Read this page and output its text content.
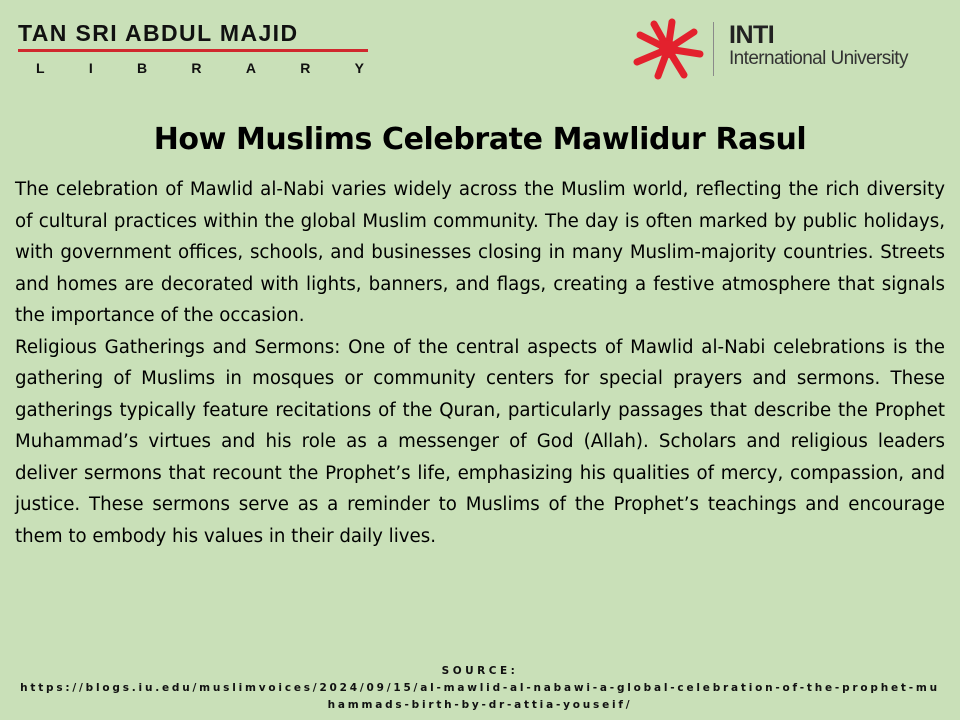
TAN SRI ABDUL MAJID
L	I	B	R	A	R	Y
INTI
International University
How Muslims Celebrate Mawlidur Rasul

The celebration of Mawlid al-Nabi varies widely across the Muslim world, reflecting the rich diversity of cultural practices within the global Muslim community. The day is often marked by public holidays, with government offices, schools, and businesses closing in many Muslim-majority countries. Streets and homes are decorated with lights, banners, and flags, creating a festive atmosphere that signals the importance of the occasion.

Religious Gatherings and Sermons: One of the central aspects of Mawlid al-Nabi celebrations is the gathering of Muslims in mosques or community centers for special prayers and sermons. These gatherings typically feature recitations of the Quran, particularly passages that describe the Prophet Muhammad’s virtues and his role as a messenger of God (Allah). Scholars and religious leaders deliver sermons that recount the Prophet’s life, emphasizing his qualities of mercy, compassion, and justice. These sermons serve as a reminder to Muslims of the Prophet’s teachings and encourage them to embody his values in their daily lives.

SOURCE:
https://blogs.iu.edu/muslimvoices/2024/09/15/al-mawlid-al-nabawi-a-global-celebration-of-the-prophet-muhammads-birth-by-dr-attia-youseif/
